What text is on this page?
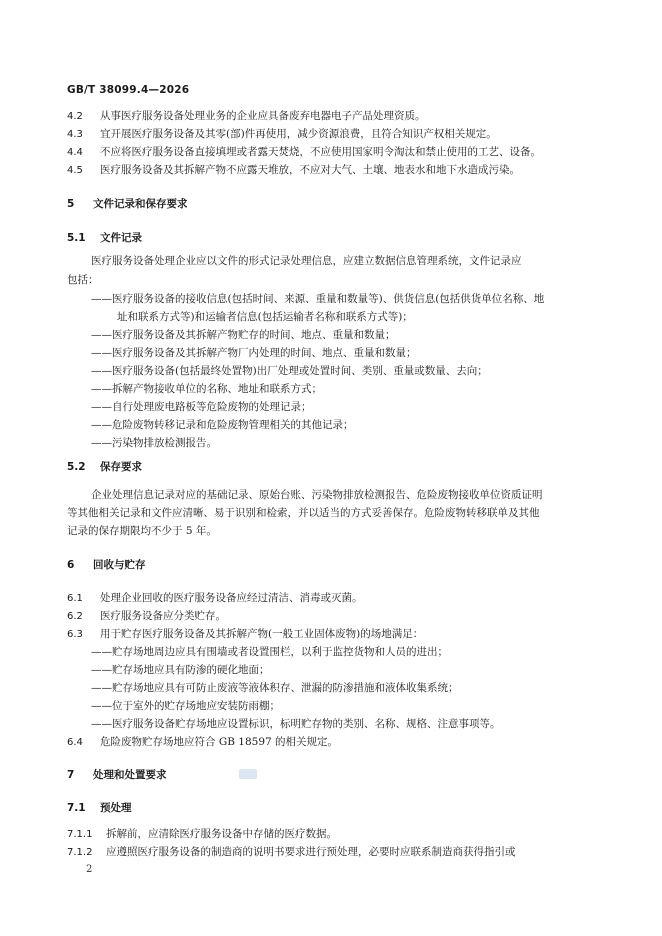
GB/T 38099.4—2026
4.2 从事医疗服务设备处理业务的企业应具备废弃电器电子产品处理资质。
4.3 宜开展医疗服务设备及其零(部)件再使用，减少资源浪费，且符合知识产权相关规定。
4.4 不应将医疗服务设备直接填埋或者露天焚烧，不应使用国家明令淘汰和禁止使用的工艺、设备。
4.5 医疗服务设备及其拆解产物不应露天堆放，不应对大气、土壤、地表水和地下水造成污染。
5 文件记录和保存要求
5.1 文件记录
医疗服务设备处理企业应以文件的形式记录处理信息，应建立数据信息管理系统，文件记录应
包括：
——医疗服务设备的接收信息(包括时间、来源、重量和数量等)、供货信息(包括供货单位名称、地
址和联系方式等)和运输者信息(包括运输者名称和联系方式等)；
——医疗服务设备及其拆解产物贮存的时间、地点、重量和数量；
——医疗服务设备及其拆解产物厂内处理的时间、地点、重量和数量；
——医疗服务设备(包括最终处置物)出厂处理或处置时间、类别、重量或数量、去向；
——拆解产物接收单位的名称、地址和联系方式；
——自行处理废电路板等危险废物的处理记录；
——危险废物转移记录和危险废物管理相关的其他记录；
——污染物排放检测报告。
5.2 保存要求
企业处理信息记录对应的基础记录、原始台账、污染物排放检测报告、危险废物接收单位资质证明
等其他相关记录和文件应清晰、易于识别和检索，并以适当的方式妥善保存。危险废物转移联单及其他
记录的保存期限均不少于 5 年。
6 回收与贮存
6.1 处理企业回收的医疗服务设备应经过清洁、消毒或灭菌。
6.2 医疗服务设备应分类贮存。
6.3 用于贮存医疗服务设备及其拆解产物(一般工业固体废物)的场地满足：
——贮存场地周边应具有围墙或者设置围栏，以利于监控货物和人员的进出；
——贮存场地应具有防渗的硬化地面；
——贮存场地应具有可防止废液等液体积存、泄漏的防渗措施和液体收集系统；
——位于室外的贮存场地应安装防雨棚；
——医疗服务设备贮存场地应设置标识，标明贮存物的类别、名称、规格、注意事项等。
6.4 危险废物贮存场地应符合 GB 18597 的相关规定。
7 处理和处置要求
7.1 预处理
7.1.1 拆解前，应清除医疗服务设备中存储的医疗数据。
7.1.2 应遵照医疗服务设备的制造商的说明书要求进行预处理，必要时应联系制造商获得指引或
2
